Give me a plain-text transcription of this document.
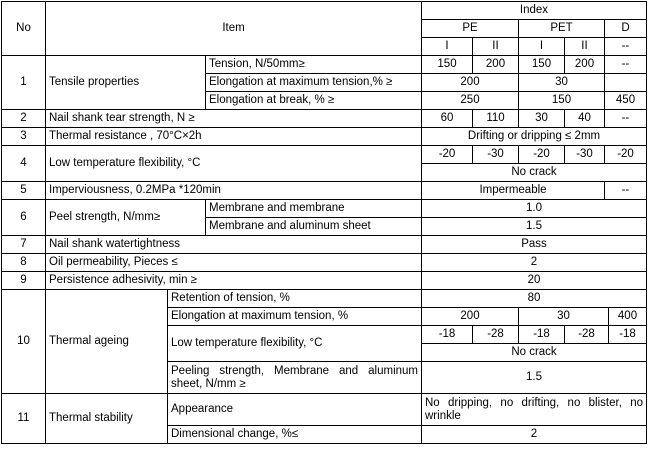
No	Item			Index					
				PE		PET		D	
				I	II	I	II	--	
1	Tensile properties		Tension, N/50mm≥	150	200	150	200	--	
			Elongation at maximum tension,% ≥	200		30			
			Elongation at break, % ≥	250		150		450	
2	Nail shank tear strength, N ≥			60	110	30	40	--	
3	Thermal resistance , 70°C×2h			Drifting or dripping ≤ 2mm					
4	Low temperature flexibility, °C			-20	-30	-20	-30	-20	
				No crack					
5	Imperviousness, 0.2MPa *120min			Impermeable				--	
6	Peel strength, N/mm≥		Membrane and membrane	1.0					
			Membrane and aluminum sheet	1.5					
7	Nail shank watertightness			Pass					
8	Oil permeability, Pieces ≤			2					
9	Persistence adhesivity, min ≥			20					
10	Thermal ageing	Retention of tension, %		80					
		Elongation at maximum tension, %		200		30			400
		Low temperature flexibility, °C		-18	-28	-18	-28		-18
				No crack					
		Peeling strength, Membrane and aluminum sheet, N/mm ≥		1.5					

11	Thermal stability	Appearance		No dripping, no drifting, no blister, no wrinkle					
		Dimensional change, %≤		2					
